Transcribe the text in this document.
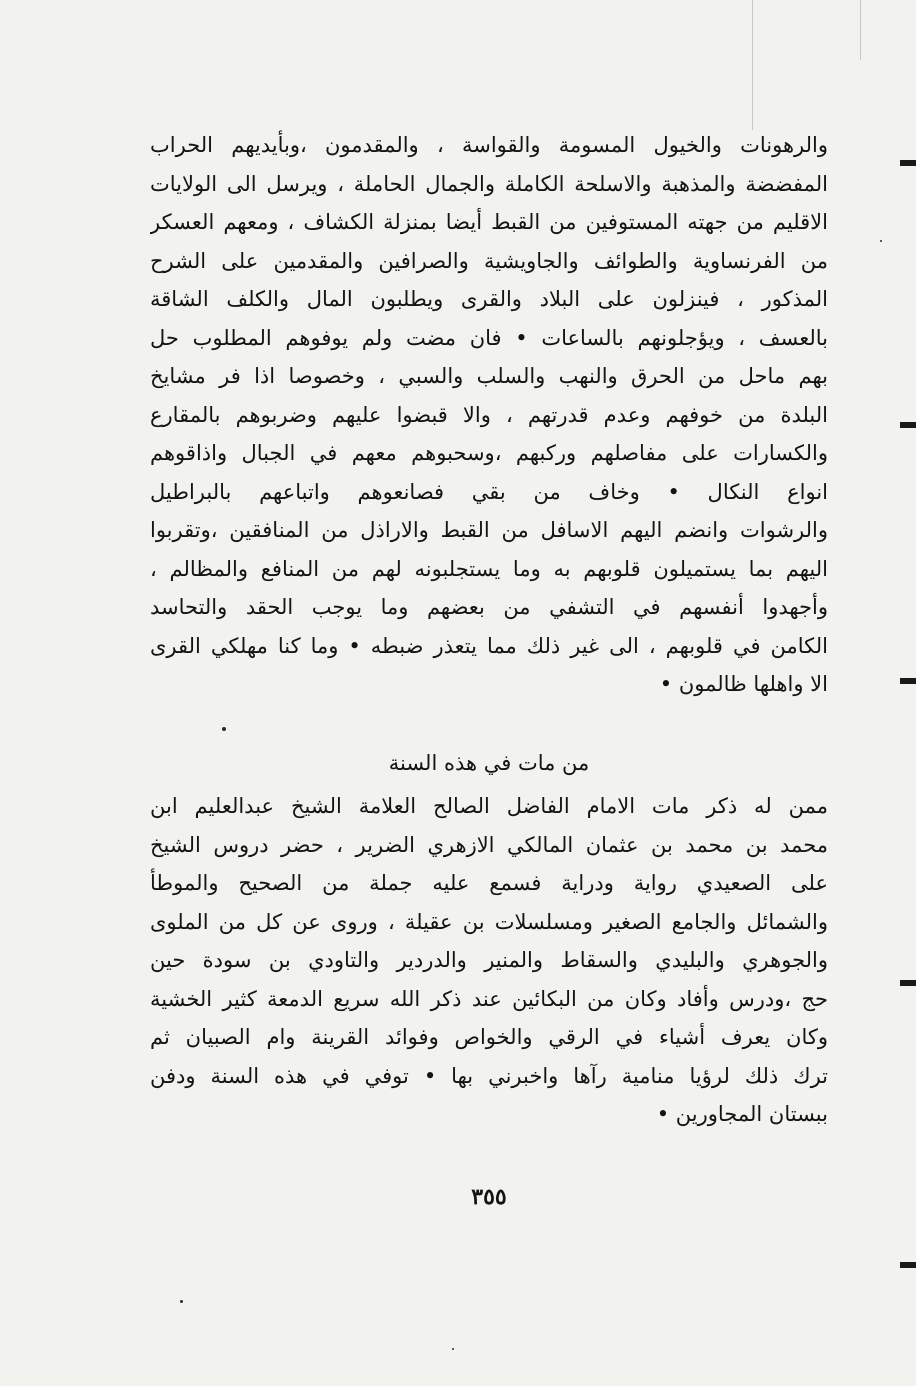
والرهونات والخيول المسومة والقواسة ، والمقدمون ،وبأيديهم الحراب
المفضضة والمذهبة والاسلحة الكاملة والجمال الحاملة ، ويرسل الى الولايات
الاقليم من جهته المستوفين من القبط أيضا بمنزلة الكشاف ، ومعهم العسكر
من الفرنساوية والطوائف والجاويشية والصرافين والمقدمين على الشرح
المذكور ، فينزلون على البلاد والقرى ويطلبون المال والكلف الشاقة
بالعسف ، ويؤجلونهم بالساعات • فان مضت ولم يوفوهم المطلوب حل
بهم ماحل من الحرق والنهب والسلب والسبي ، وخصوصا اذا فر مشايخ
البلدة من خوفهم وعدم قدرتهم ، والا قبضوا عليهم وضربوهم بالمقارع
والكسارات على مفاصلهم وركبهم ،وسحبوهم معهم في الجبال واذاقوهم
انواع النكال • وخاف من بقي فصانعوهم واتباعهم بالبراطيل
والرشوات وانضم اليهم الاسافل من القبط والاراذل من المنافقين ،وتقربوا
اليهم بما يستميلون قلوبهم به وما يستجلبونه لهم من المنافع والمظالم ،
وأجهدوا أنفسهم في التشفي من بعضهم وما يوجب الحقد والتحاسد
الكامن في قلوبهم ، الى غير ذلك مما يتعذر ضبطه • وما كنا مهلكي القرى
الا واهلها ظالمون •
من مات في هذه السنة
ممن له ذكر مات الامام الفاضل الصالح العلامة الشيخ عبدالعليم ابن
محمد بن محمد بن عثمان المالكي الازهري الضرير ، حضر دروس الشيخ
على الصعيدي رواية ودراية فسمع عليه جملة من الصحيح والموطأ
والشمائل والجامع الصغير ومسلسلات بن عقيلة ، وروى عن كل من الملوى
والجوهري والبليدي والسقاط والمنير والدردير والتاودي بن سودة حين
حج ،ودرس وأفاد وكان من البكائين عند ذكر الله سريع الدمعة كثير الخشية
وكان يعرف أشياء في الرقي والخواص وفوائد القرينة وام الصبيان ثم
ترك ذلك لرؤيا منامية رآها واخبرني بها • توفي في هذه السنة ودفن
ببستان المجاورين •
٣٥٥
